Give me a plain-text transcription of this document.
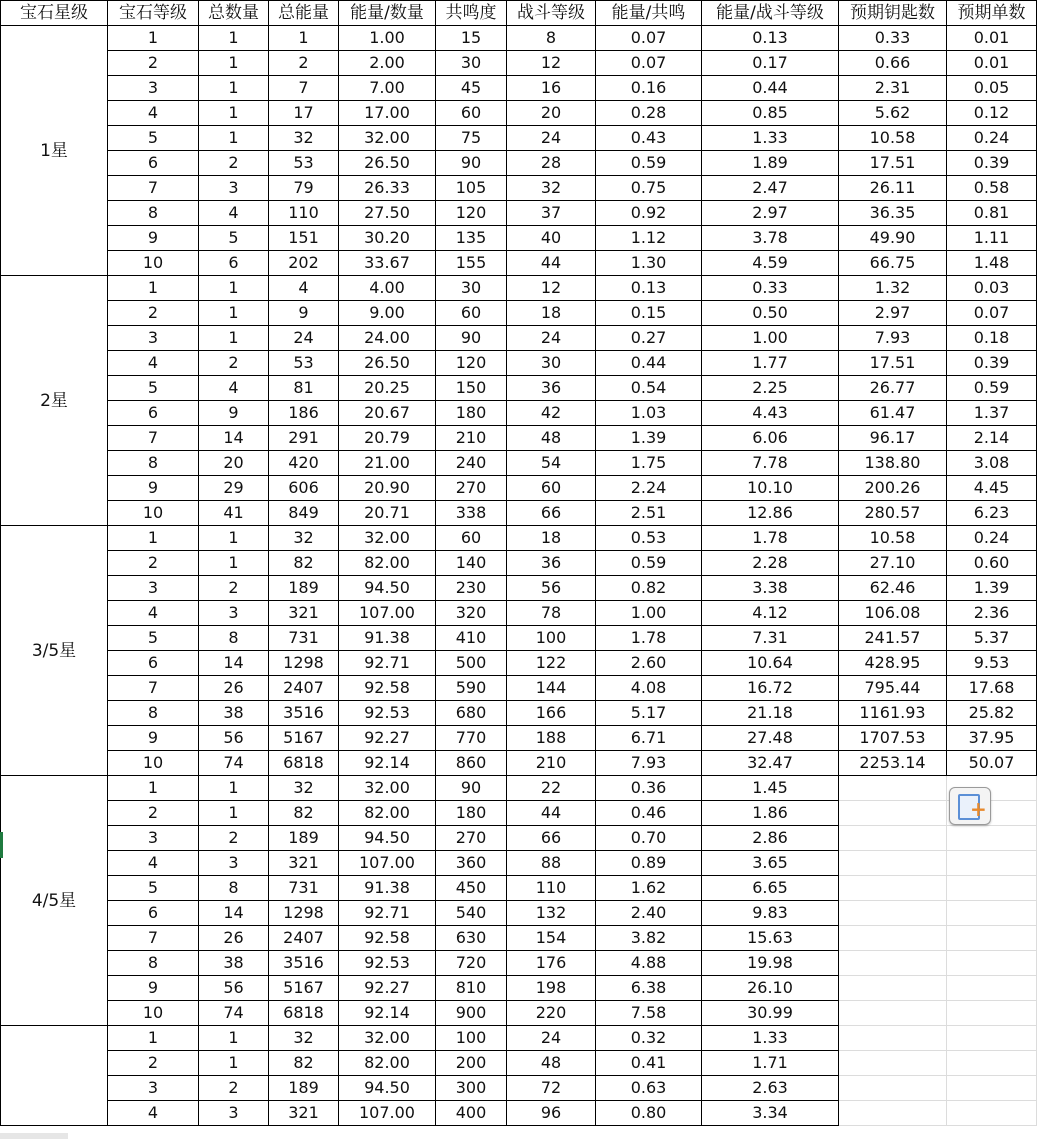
宝石星级	宝石等级	总数量	总能量	能量/数量	共鸣度	战斗等级	能量/共鸣	能量/战斗等级	预期钥匙数	预期单数
1星	1	1	1	1.00	15	8	0.07	0.13	0.33	0.01
	2	1	2	2.00	30	12	0.07	0.17	0.66	0.01
	3	1	7	7.00	45	16	0.16	0.44	2.31	0.05
	4	1	17	17.00	60	20	0.28	0.85	5.62	0.12
	5	1	32	32.00	75	24	0.43	1.33	10.58	0.24
	6	2	53	26.50	90	28	0.59	1.89	17.51	0.39
	7	3	79	26.33	105	32	0.75	2.47	26.11	0.58
	8	4	110	27.50	120	37	0.92	2.97	36.35	0.81
	9	5	151	30.20	135	40	1.12	3.78	49.90	1.11
	10	6	202	33.67	155	44	1.30	4.59	66.75	1.48
2星	1	1	4	4.00	30	12	0.13	0.33	1.32	0.03
	2	1	9	9.00	60	18	0.15	0.50	2.97	0.07
	3	1	24	24.00	90	24	0.27	1.00	7.93	0.18
	4	2	53	26.50	120	30	0.44	1.77	17.51	0.39
	5	4	81	20.25	150	36	0.54	2.25	26.77	0.59
	6	9	186	20.67	180	42	1.03	4.43	61.47	1.37
	7	14	291	20.79	210	48	1.39	6.06	96.17	2.14
	8	20	420	21.00	240	54	1.75	7.78	138.80	3.08
	9	29	606	20.90	270	60	2.24	10.10	200.26	4.45
	10	41	849	20.71	338	66	2.51	12.86	280.57	6.23
3/5星	1	1	32	32.00	60	18	0.53	1.78	10.58	0.24
	2	1	82	82.00	140	36	0.59	2.28	27.10	0.60
	3	2	189	94.50	230	56	0.82	3.38	62.46	1.39
	4	3	321	107.00	320	78	1.00	4.12	106.08	2.36
	5	8	731	91.38	410	100	1.78	7.31	241.57	5.37
	6	14	1298	92.71	500	122	2.60	10.64	428.95	9.53
	7	26	2407	92.58	590	144	4.08	16.72	795.44	17.68
	8	38	3516	92.53	680	166	5.17	21.18	1161.93	25.82
	9	56	5167	92.27	770	188	6.71	27.48	1707.53	37.95
	10	74	6818	92.14	860	210	7.93	32.47	2253.14	50.07
4/5星	1	1	32	32.00	90	22	0.36	1.45		
	2	1	82	82.00	180	44	0.46	1.86		
	3	2	189	94.50	270	66	0.70	2.86		
	4	3	321	107.00	360	88	0.89	3.65		
	5	8	731	91.38	450	110	1.62	6.65		
	6	14	1298	92.71	540	132	2.40	9.83		
	7	26	2407	92.58	630	154	3.82	15.63		
	8	38	3516	92.53	720	176	4.88	19.98		
	9	56	5167	92.27	810	198	6.38	26.10		
	10	74	6818	92.14	900	220	7.58	30.99		
	1	1	32	32.00	100	24	0.32	1.33		
	2	1	82	82.00	200	48	0.41	1.71		
	3	2	189	94.50	300	72	0.63	2.63		
	4	3	321	107.00	400	96	0.80	3.34		
+
